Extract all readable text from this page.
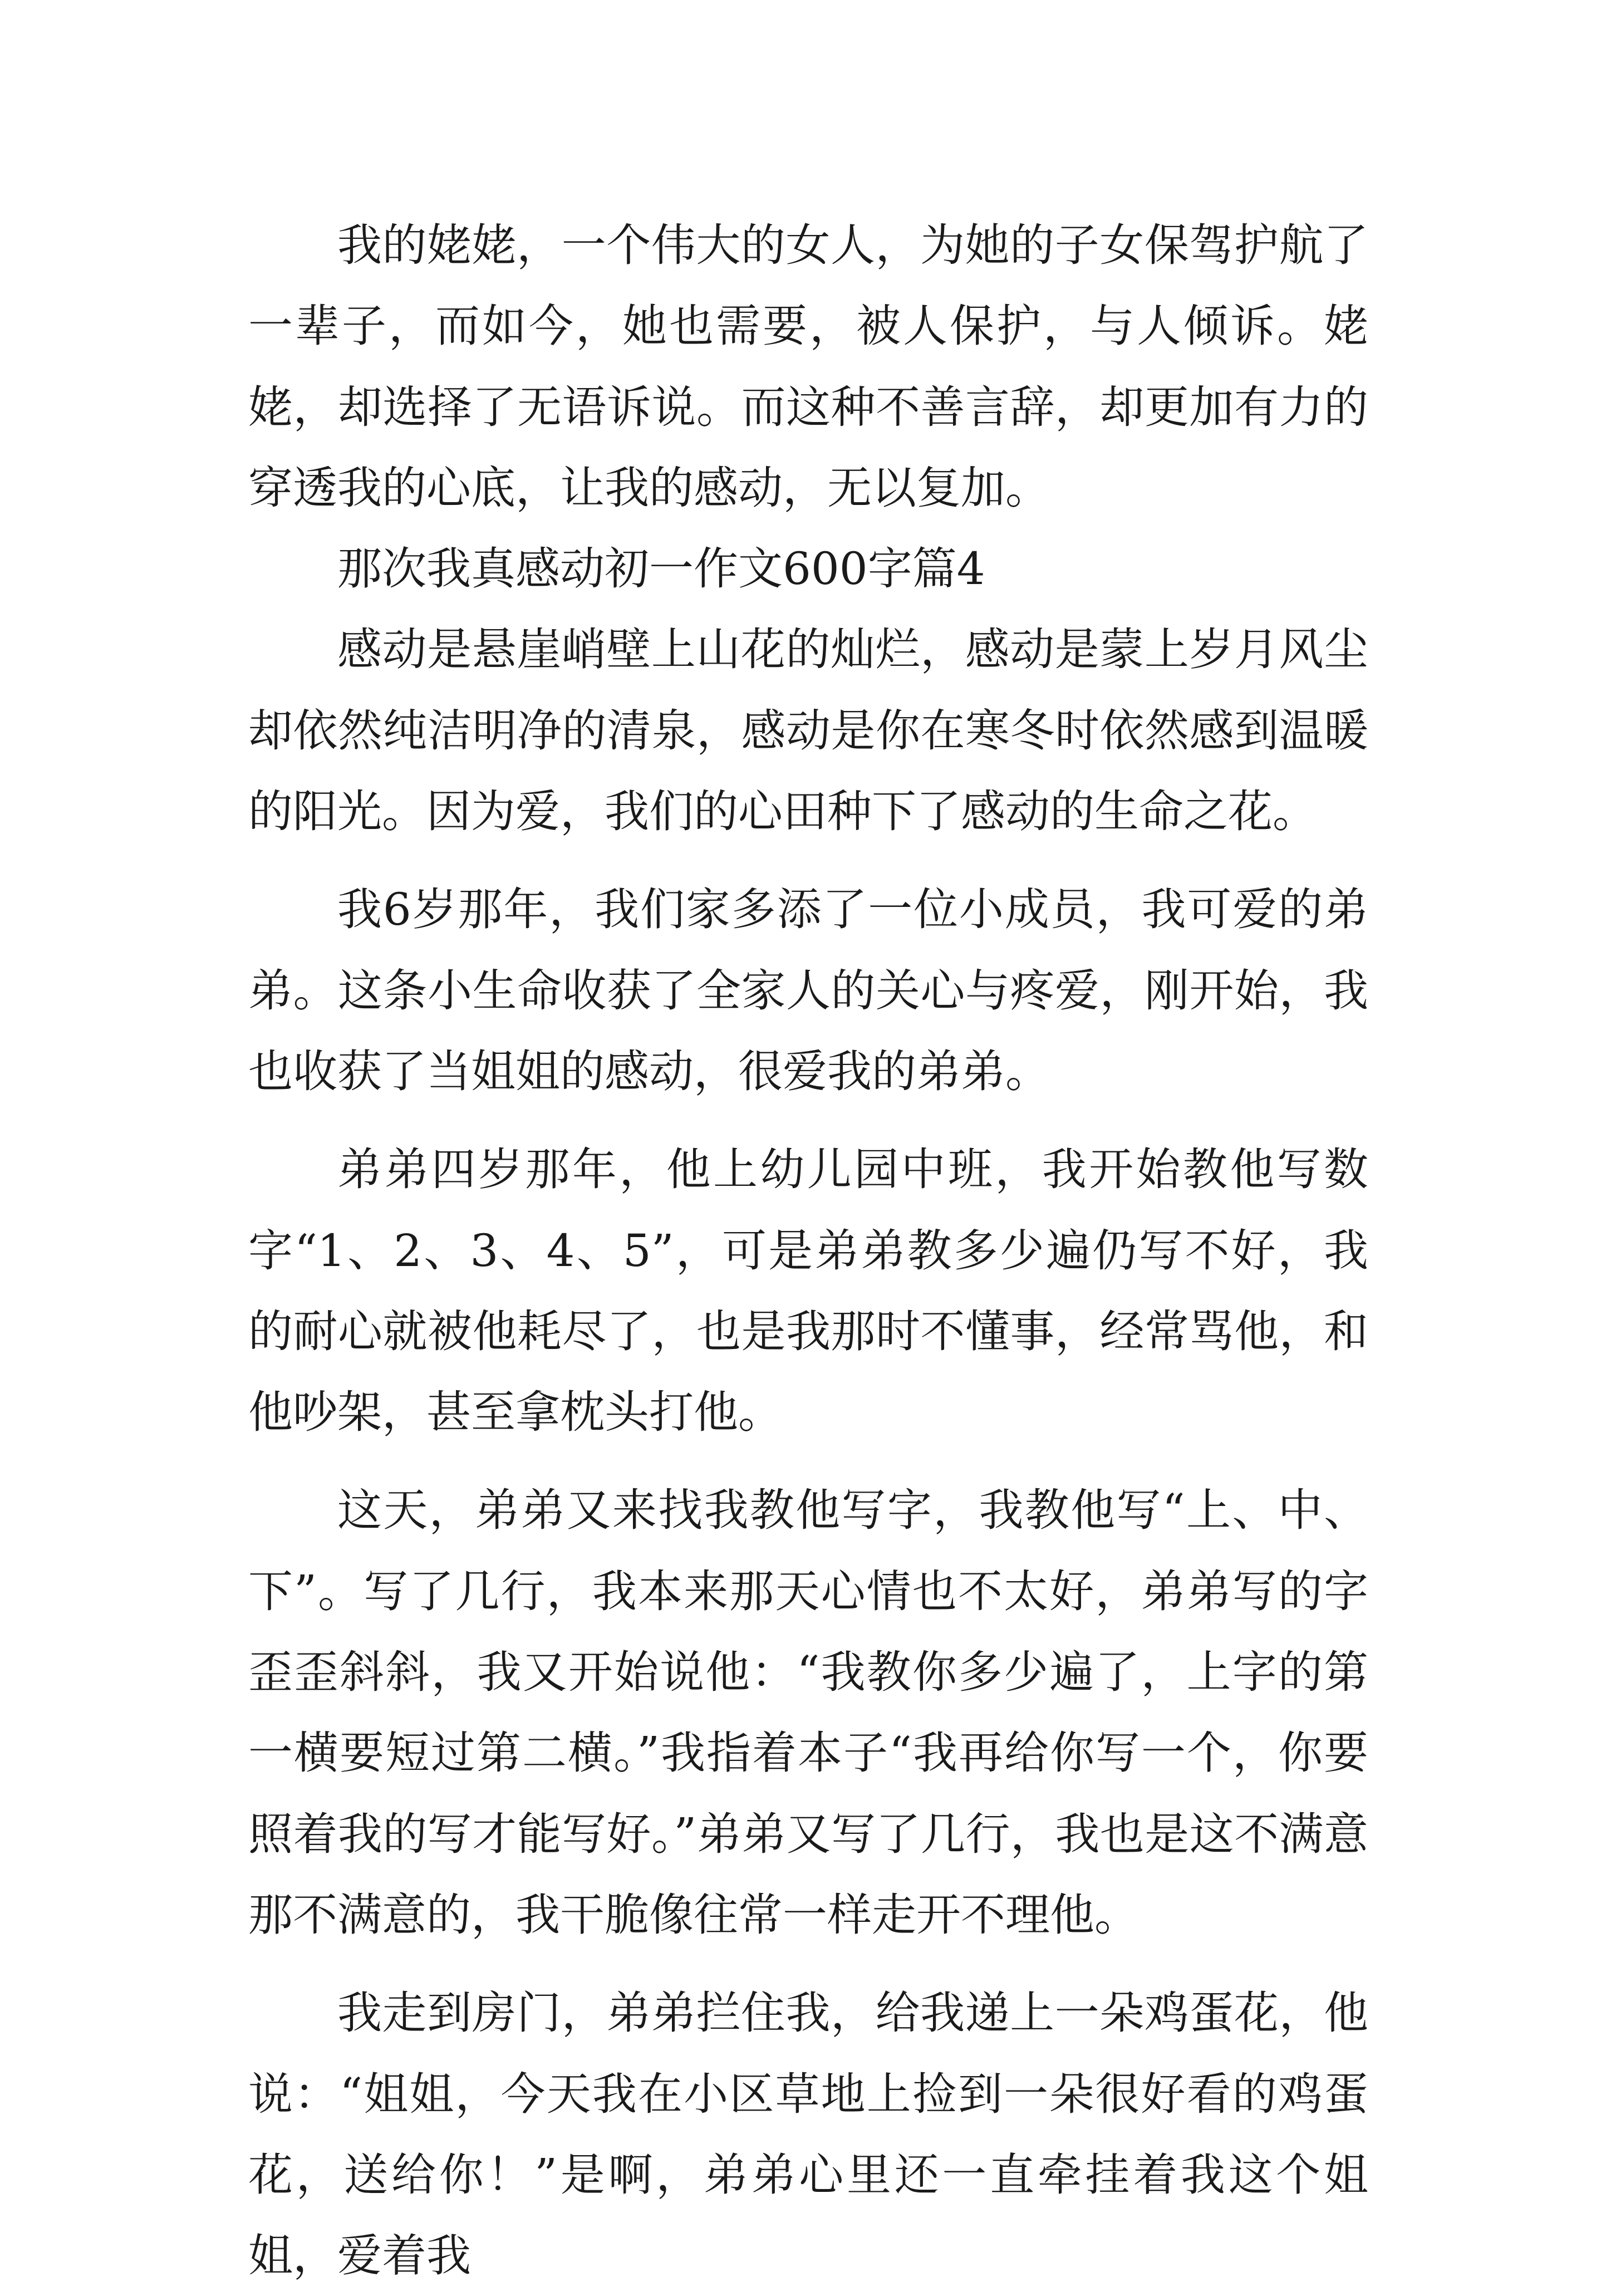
我的姥姥，一个伟大的女人，为她的子女保驾护航了一辈子，而如今，她也需要，被人保护，与人倾诉。姥姥，却选择了无语诉说。而这种不善言辞，却更加有力的穿透我的心底，让我的感动，无以复加。

那次我真感动初一作文600字篇4

感动是悬崖峭壁上山花的灿烂，感动是蒙上岁月风尘却依然纯洁明净的清泉，感动是你在寒冬时依然感到温暖的阳光。因为爱，我们的心田种下了感动的生命之花。

我6岁那年，我们家多添了一位小成员，我可爱的弟弟。这条小生命收获了全家人的关心与疼爱，刚开始，我也收获了当姐姐的感动，很爱我的弟弟。

弟弟四岁那年，他上幼儿园中班，我开始教他写数字“1、2、3、4、5”，可是弟弟教多少遍仍写不好，我的耐心就被他耗尽了，也是我那时不懂事，经常骂他，和他吵架，甚至拿枕头打他。

这天，弟弟又来找我教他写字，我教他写“上、中、下”。写了几行，我本来那天心情也不太好，弟弟写的字歪歪斜斜，我又开始说他：“我教你多少遍了，上字的第一横要短过第二横。”我指着本子“我再给你写一个，你要照着我的写才能写好。”弟弟又写了几行，我也是这不满意那不满意的，我干脆像往常一样走开不理他。

我走到房门，弟弟拦住我，给我递上一朵鸡蛋花，他说：“姐姐，今天我在小区草地上捡到一朵很好看的鸡蛋花，送给你！”是啊，弟弟心里还一直牵挂着我这个姐姐，爱着我
